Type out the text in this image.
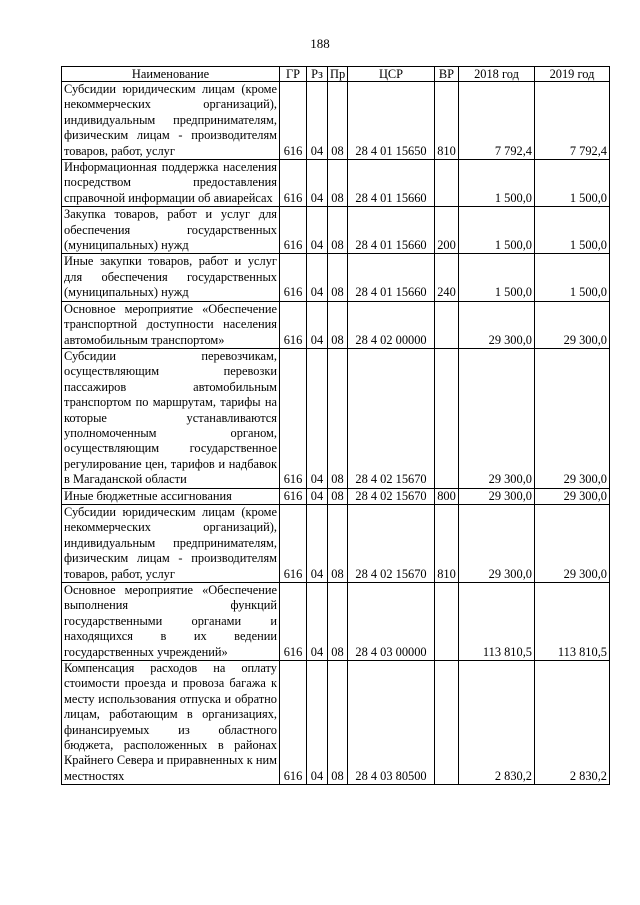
188
Наименование	ГР	Рз	Пр	ЦСР	ВР	2018 год	2019 год
Субсидии юридическим лицам (кроме некоммерческих организаций), индивидуальным предпринимателям, физическим лицам - производителям товаров, работ, услуг	616	04	08	28 4 01 15650	810	7 792,4	7 792,4
Информационная поддержка населения посредством предоставления справочной информации об авиарейсах	616	04	08	28 4 01 15660		1 500,0	1 500,0
Закупка товаров, работ и услуг для обеспечения государственных (муниципальных) нужд	616	04	08	28 4 01 15660	200	1 500,0	1 500,0
Иные закупки товаров, работ и услуг для обеспечения государственных (муниципальных) нужд	616	04	08	28 4 01 15660	240	1 500,0	1 500,0
Основное мероприятие «Обеспечение транспортной доступности населения автомобильным транспортом»	616	04	08	28 4 02 00000		29 300,0	29 300,0
Субсидии перевозчикам, осуществляющим перевозки пассажиров автомобильным транспортом по маршрутам, тарифы на которые устанавливаются уполномоченным органом, осуществляющим государственное регулирование цен, тарифов и надбавок в Магаданской области	616	04	08	28 4 02 15670		29 300,0	29 300,0
Иные бюджетные ассигнования	616	04	08	28 4 02 15670	800	29 300,0	29 300,0
Субсидии юридическим лицам (кроме некоммерческих организаций), индивидуальным предпринимателям, физическим лицам - производителям товаров, работ, услуг	616	04	08	28 4 02 15670	810	29 300,0	29 300,0
Основное мероприятие «Обеспечение выполнения функций государственными органами и находящихся в их ведении государственных учреждений»	616	04	08	28 4 03 00000		113 810,5	113 810,5
Компенсация расходов на оплату стоимости проезда и провоза багажа к месту использования отпуска и обратно лицам, работающим в организациях, финансируемых из областного бюджета, расположенных в районах Крайнего Севера и приравненных к ним местностях	616	04	08	28 4 03 80500		2 830,2	2 830,2
